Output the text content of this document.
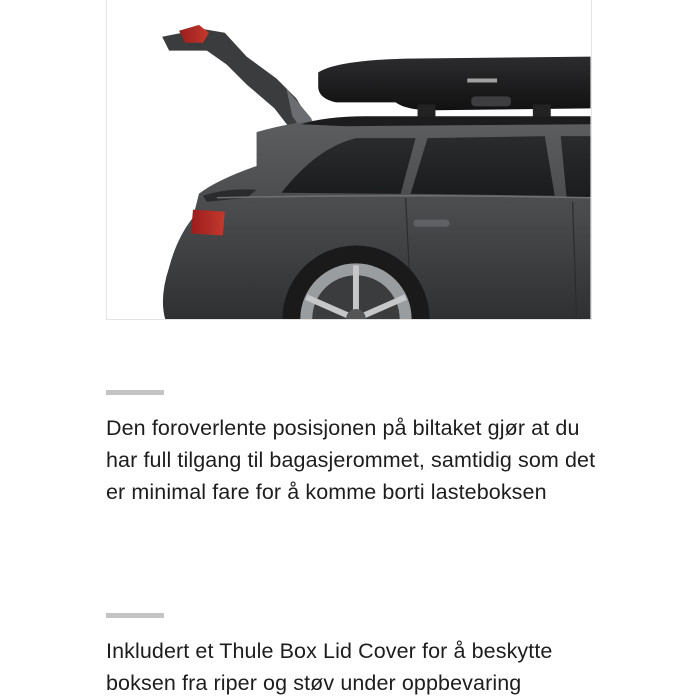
Den foroverlente posisjonen på biltaket gjør at du har full tilgang til bagasjerommet, samtidig som det er minimal fare for å komme borti lasteboksen
Inkludert et Thule Box Lid Cover for å beskytte boksen fra riper og støv under oppbevaring
